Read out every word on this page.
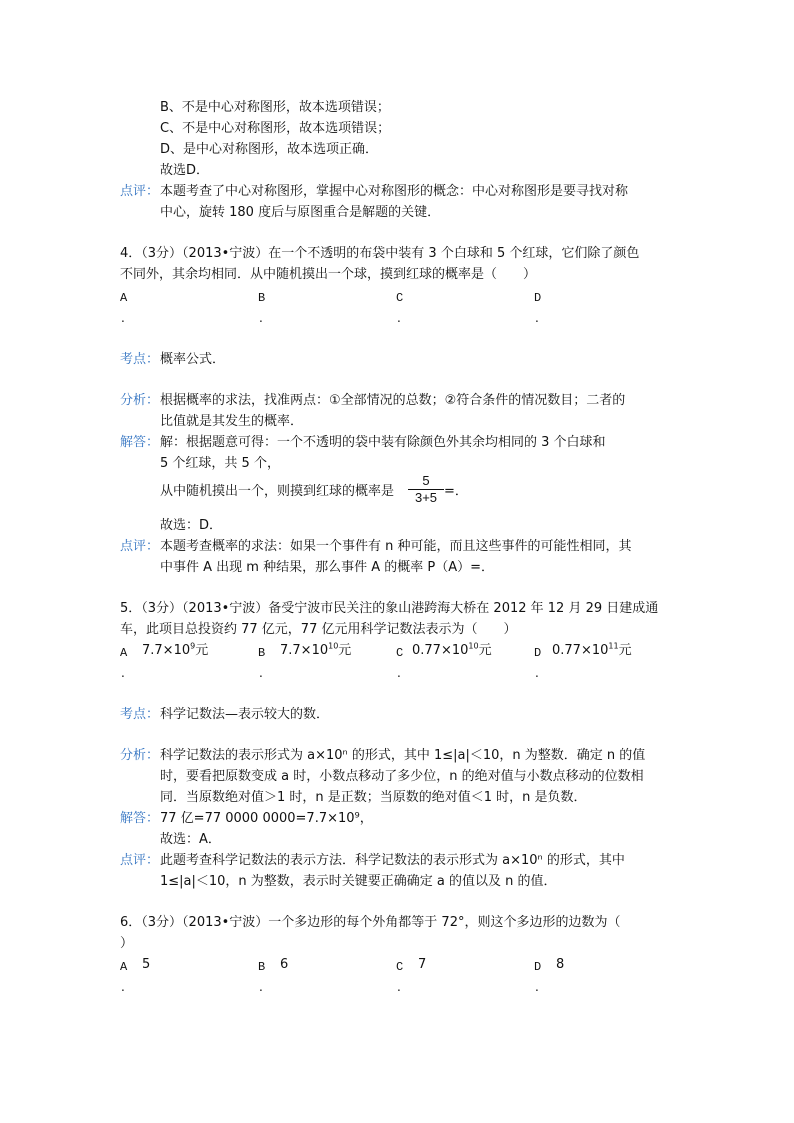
B、不是中心对称图形，故本选项错误；
C、不是中心对称图形，故本选项错误；
D、是中心对称图形，故本选项正确．
故选D．
点评： 本题考查了中心对称图形，掌握中心对称图形的概念：中心对称图形是要寻找对称
中心，旋转 180 度后与原图重合是解题的关键．
4．（3分）（2013•宁波）在一个不透明的布袋中装有 3 个白球和 5 个红球，它们除了颜色
不同外，其余均相同．从中随机摸出一个球，摸到红球的概率是（　　）
A
.
B
.
C
.
D
.
考点： 概率公式．
分析： 根据概率的求法，找准两点：①全部情况的总数；②符合条件的情况数目；二者的
比值就是其发生的概率．
解答： 解：根据题意可得：一个不透明的袋中装有除颜色外其余均相同的 3 个白球和
5 个红球，共 5 个，
从中随机摸出一个，则摸到红球的概率是
5
3+5 =．
故选：D．
点评： 本题考查概率的求法：如果一个事件有 n 种可能，而且这些事件的可能性相同，其
中事件 A 出现 m 种结果，那么事件 A 的概率 P（A）=．
5．（3分）（2013•宁波）备受宁波市民关注的象山港跨海大桥在 2012 年 12 月 29 日建成通
车，此项目总投资约 77 亿元，77 亿元用科学记数法表示为（　　）
A $7.7\times 10^9$元
.
B $7.7\times 10^{10}$元
.
C $0.77\times 10^{10}$元
.
D $0.77\times 10^{11}$元
.
考点： 科学记数法—表示较大的数．
分析： 科学记数法的表示形式为 a×10ⁿ 的形式，其中 1≤|a|＜10，n 为整数．确定 n 的值
时，要看把原数变成 a 时，小数点移动了多少位，n 的绝对值与小数点移动的位数相
同．当原数绝对值＞1 时，n 是正数；当原数的绝对值＜1 时，n 是负数．
解答： 77 亿=77 0000 0000=7.7×10⁹，
故选：A．
点评： 此题考查科学记数法的表示方法．科学记数法的表示形式为 a×10ⁿ 的形式，其中
1≤|a|＜10，n 为整数，表示时关键要正确确定 a 的值以及 n 的值．
6．（3分）（2013•宁波）一个多边形的每个外角都等于 72°，则这个多边形的边数为（
）
A 5
.
B 6
.
C 7
.
D 8
.
